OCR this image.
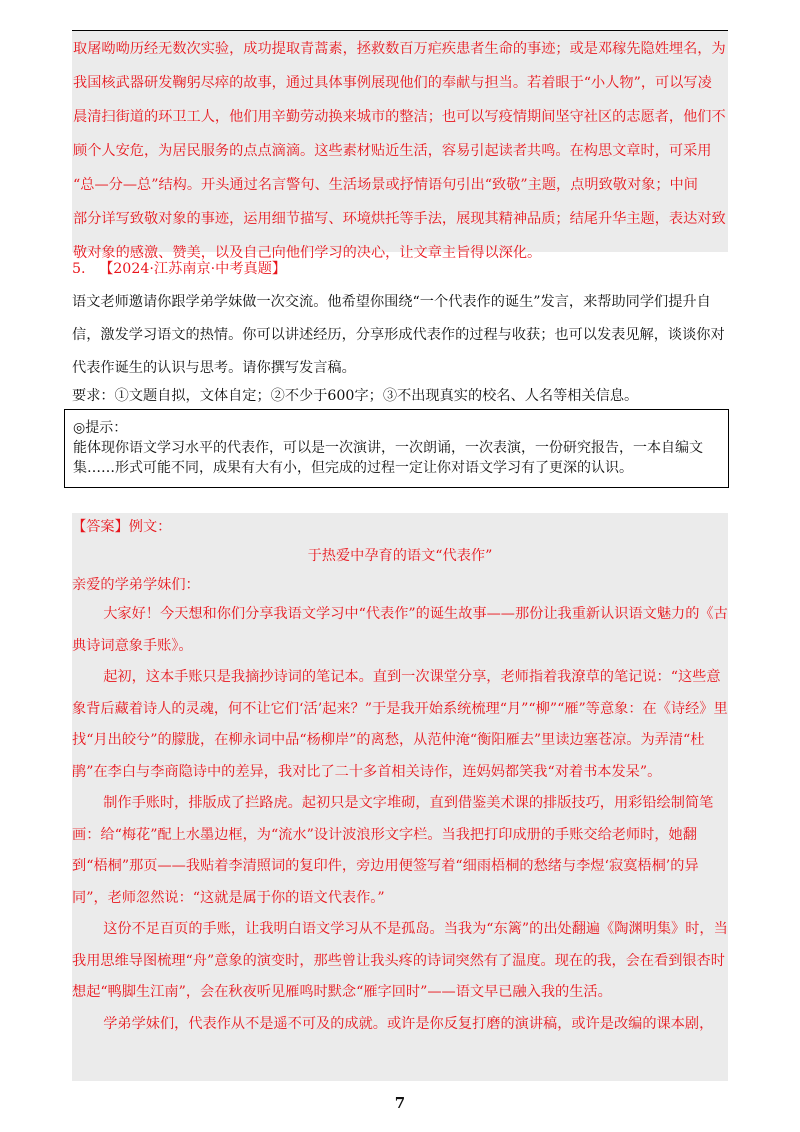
取屠呦呦历经无数次实验，成功提取青蒿素，拯救数百万疟疾患者生命的事迹；或是邓稼先隐姓埋名，为

我国核武器研发鞠躬尽瘁的故事，通过具体事例展现他们的奉献与担当。若着眼于“小人物”，可以写凌

晨清扫街道的环卫工人，他们用辛勤劳动换来城市的整洁；也可以写疫情期间坚守社区的志愿者，他们不

顾个人安危，为居民服务的点点滴滴。这些素材贴近生活，容易引起读者共鸣。在构思文章时，可采用

“总—分—总”结构。开头通过名言警句、生活场景或抒情语句引出“致敬”主题，点明致敬对象；中间

部分详写致敬对象的事迹，运用细节描写、环境烘托等手法，展现其精神品质；结尾升华主题，表达对致

敬对象的感激、赞美，以及自己向他们学习的决心，让文章主旨得以深化。

5. 【2024·江苏南京·中考真题】

语文老师邀请你跟学弟学妹做一次交流。他希望你围绕“一个代表作的诞生”发言，来帮助同学们提升自

信，激发学习语文的热情。你可以讲述经历，分享形成代表作的过程与收获；也可以发表见解，谈谈你对

代表作诞生的认识与思考。请你撰写发言稿。

要求：①文题自拟，文体自定；②不少于600字；③不出现真实的校名、人名等相关信息。

◎提示：

能体现你语文学习水平的代表作，可以是一次演讲，一次朗诵，一次表演，一份研究报告，一本自编文

集……形式可能不同，成果有大有小，但完成的过程一定让你对语文学习有了更深的认识。

【答案】例文：
于热爱中孕育的语文“代表作”

亲爱的学弟学妹们：

大家好！今天想和你们分享我语文学习中“代表作”的诞生故事——那份让我重新认识语文魅力的《古典诗词意象手账》。

起初，这本手账只是我摘抄诗词的笔记本。直到一次课堂分享，老师指着我潦草的笔记说：“这些意象背后藏着诗人的灵魂，何不让它们‘活’起来？”于是我开始系统梳理“月”“柳”“雁”等意象：在《诗经》里找“月出皎兮”的朦胧，在柳永词中品“杨柳岸”的离愁，从范仲淹“衡阳雁去”里读边塞苍凉。为弄清“杜鹃”在李白与李商隐诗中的差异，我对比了二十多首相关诗作，连妈妈都笑我“对着书本发呆”。

制作手账时，排版成了拦路虎。起初只是文字堆砌，直到借鉴美术课的排版技巧，用彩铅绘制简笔画：给“梅花”配上水墨边框，为“流水”设计波浪形文字栏。当我把打印成册的手账交给老师时，她翻到“梧桐”那页——我贴着李清照词的复印件，旁边用便签写着“细雨梧桐的愁绪与李煜‘寂寞梧桐’的异同”，老师忽然说：“这就是属于你的语文代表作。”

这份不足百页的手账，让我明白语文学习从不是孤岛。当我为“东篱”的出处翻遍《陶渊明集》时，当我用思维导图梳理“舟”意象的演变时，那些曾让我头疼的诗词突然有了温度。现在的我，会在看到银杏时想起“鸭脚生江南”，会在秋夜听见雁鸣时默念“雁字回时”——语文早已融入我的生活。

学弟学妹们，代表作从不是遥不可及的成就。或许是你反复打磨的演讲稿，或许是改编的课本剧，

7
